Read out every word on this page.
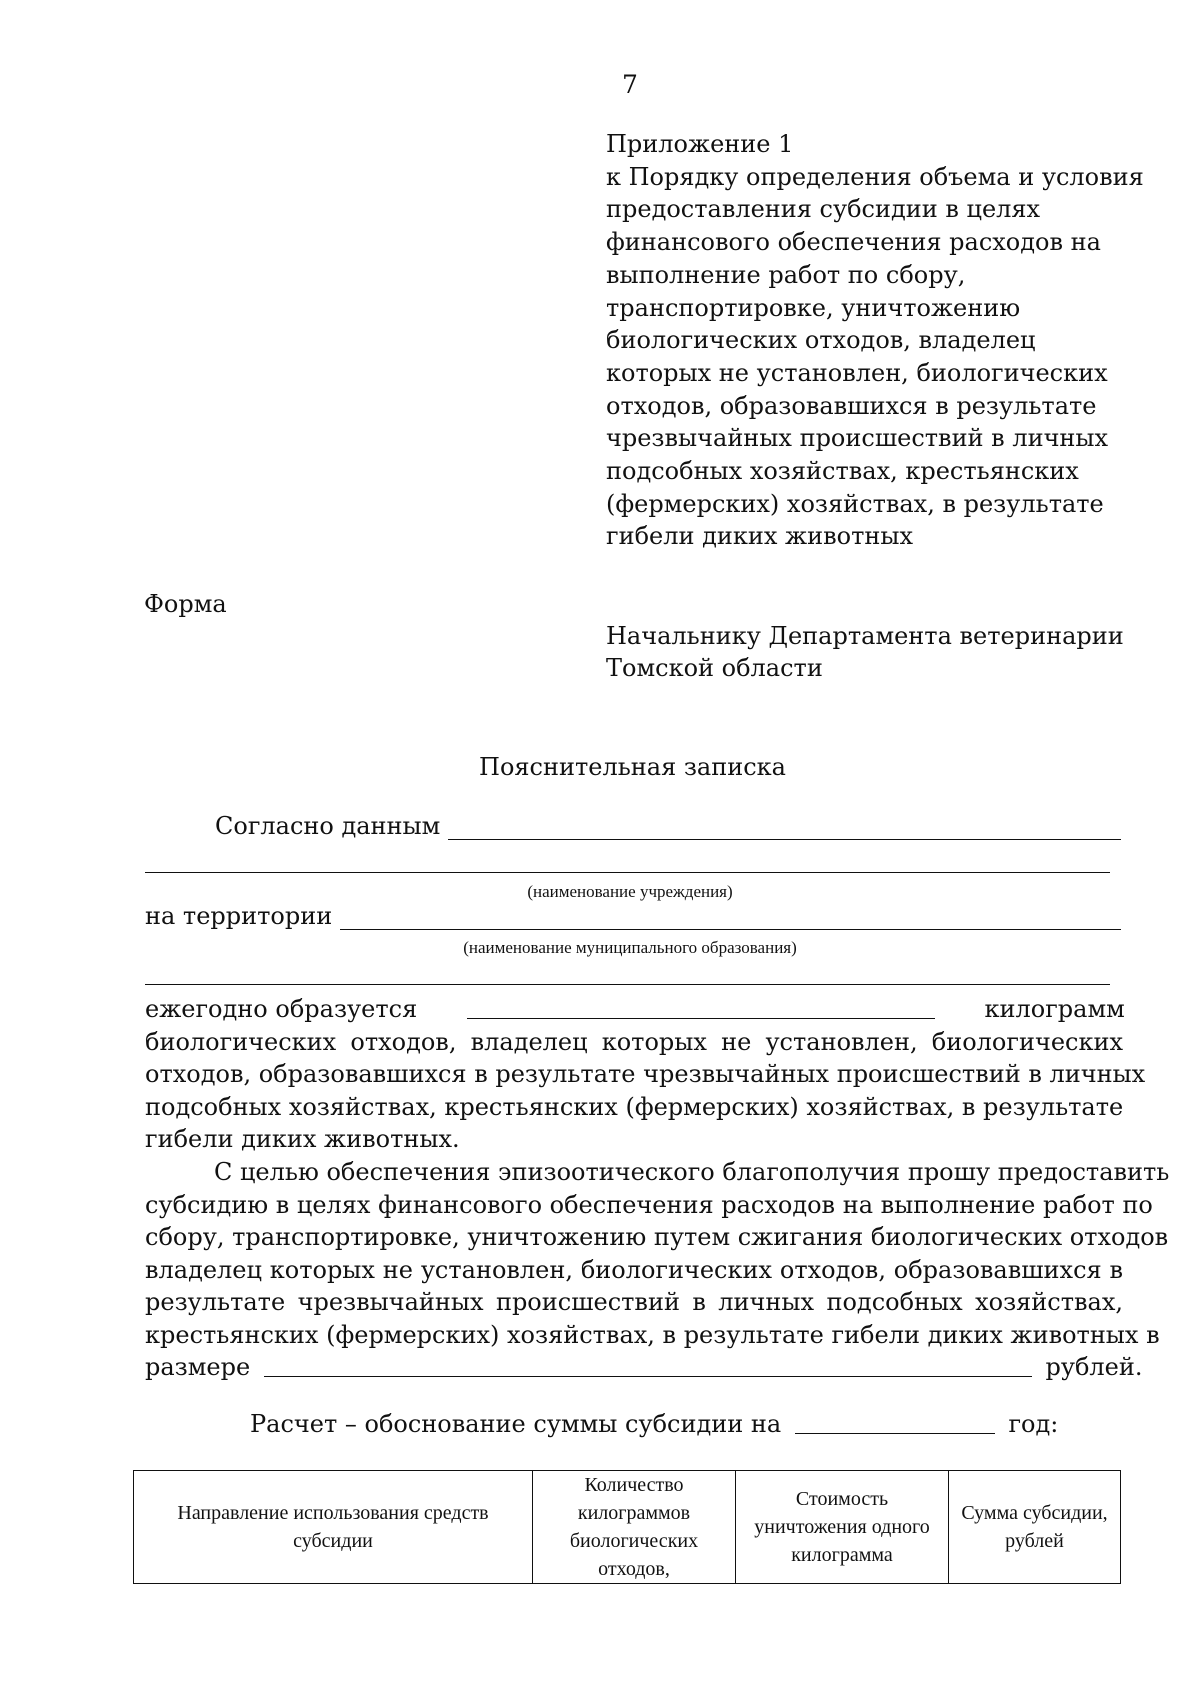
7
Приложение 1
к Порядку определения объема и условия
предоставления субсидии в целях
финансового обеспечения расходов на
выполнение работ по сбору,
транспортировке, уничтожению
биологических отходов, владелец
которых не установлен, биологических
отходов, образовавшихся в результате
чрезвычайных происшествий в личных
подсобных хозяйствах, крестьянских
(фермерских) хозяйствах, в результате
гибели диких животных
Форма
Начальнику Департамента ветеринарии
Томской области
Пояснительная записка
Согласно данным
(наименование учреждения)
на территории
(наименование муниципального образования)
ежегодно образуется	килограмм
биологических отходов, владелец которых не установлен, биологических
отходов, образовавшихся в результате чрезвычайных происшествий в личных
подсобных хозяйствах, крестьянских (фермерских) хозяйствах, в результате
гибели диких животных.
С целью обеспечения эпизоотического благополучия прошу предоставить
субсидию в целях финансового обеспечения расходов на выполнение работ по
сбору, транспортировке, уничтожению путем сжигания биологических отходов
владелец которых не установлен, биологических отходов, образовавшихся в
результате чрезвычайных происшествий в личных подсобных хозяйствах,
крестьянских (фермерских) хозяйствах, в результате гибели диких животных в
размере	рублей.
Расчет – обоснование суммы субсидии на	год:
Направление использования средств субсидии	Количество килограммов биологических отходов,	Стоимость уничтожения одного килограмма	Сумма субсидии, рублей
